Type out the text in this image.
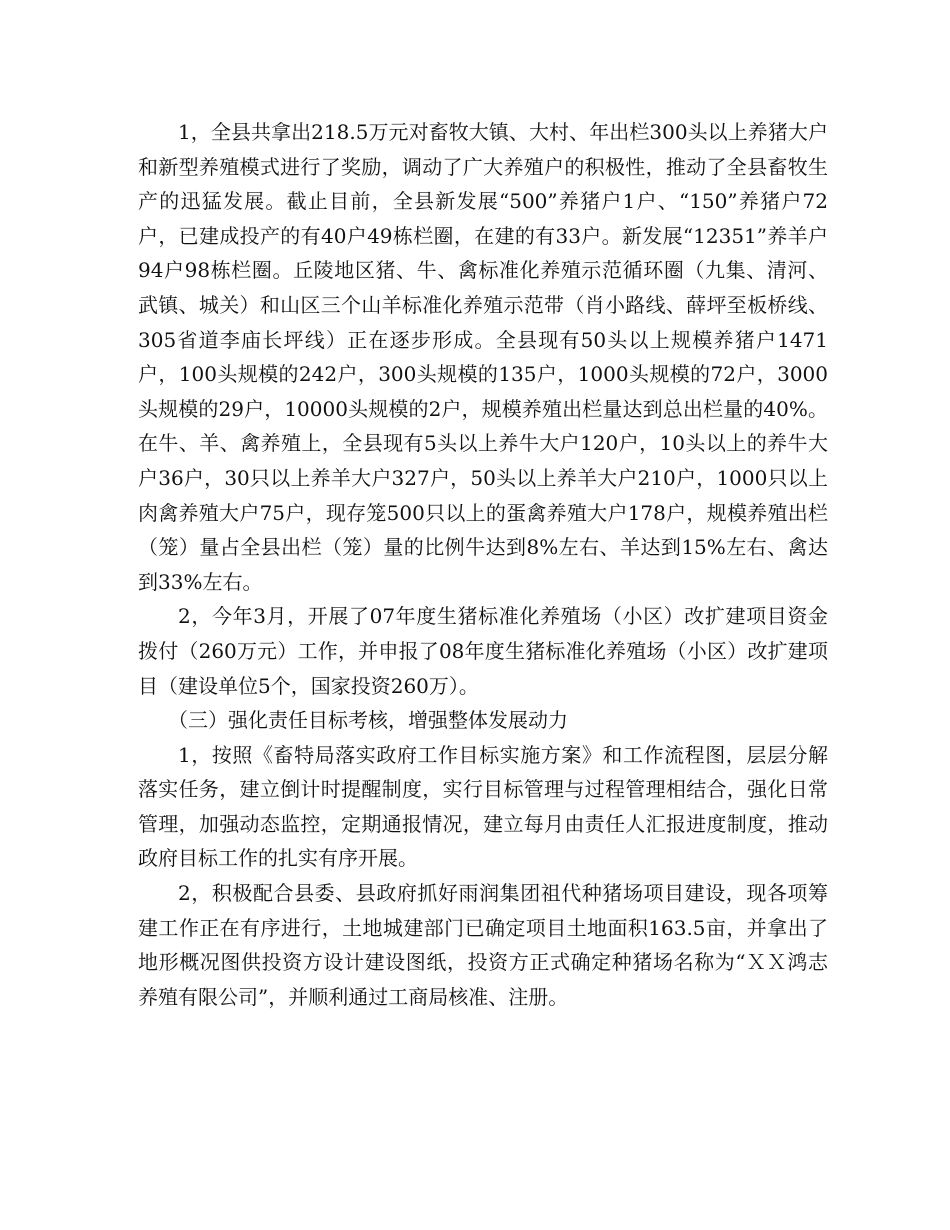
1，全县共拿出218.5万元对畜牧大镇、大村、年出栏300头以上养猪大户和新型养殖模式进行了奖励，调动了广大养殖户的积极性，推动了全县畜牧生产的迅猛发展。截止目前，全县新发展“500”养猪户1户、“150”养猪户72户，已建成投产的有40户49栋栏圈，在建的有33户。新发展“12351”养羊户94户98栋栏圈。丘陵地区猪、牛、禽标准化养殖示范循环圈（九集、清河、武镇、城关）和山区三个山羊标准化养殖示范带（肖小路线、薛坪至板桥线、305省道李庙长坪线）正在逐步形成。全县现有50头以上规模养猪户1471户，100头规模的242户，300头规模的135户，1000头规模的72户，3000头规模的29户，10000头规模的2户，规模养殖出栏量达到总出栏量的40%。在牛、羊、禽养殖上，全县现有5头以上养牛大户120户，10头以上的养牛大户36户，30只以上养羊大户327户，50头以上养羊大户210户，1000只以上肉禽养殖大户75户，现存笼500只以上的蛋禽养殖大户178户，规模养殖出栏（笼）量占全县出栏（笼）量的比例牛达到8%左右、羊达到15%左右、禽达到33%左右。

2，今年3月，开展了07年度生猪标准化养殖场（小区）改扩建项目资金拨付（260万元）工作，并申报了08年度生猪标准化养殖场（小区）改扩建项目（建设单位5个，国家投资260万）。

（三）强化责任目标考核，增强整体发展动力

1，按照《畜特局落实政府工作目标实施方案》和工作流程图，层层分解落实任务，建立倒计时提醒制度，实行目标管理与过程管理相结合，强化日常管理，加强动态监控，定期通报情况，建立每月由责任人汇报进度制度，推动政府目标工作的扎实有序开展。

2，积极配合县委、县政府抓好雨润集团祖代种猪场项目建设，现各项筹建工作正在有序进行，土地城建部门已确定项目土地面积163.5亩，并拿出了地形概况图供投资方设计建设图纸，投资方正式确定种猪场名称为“ＸＸ鸿志养殖有限公司”，并顺利通过工商局核准、注册。
